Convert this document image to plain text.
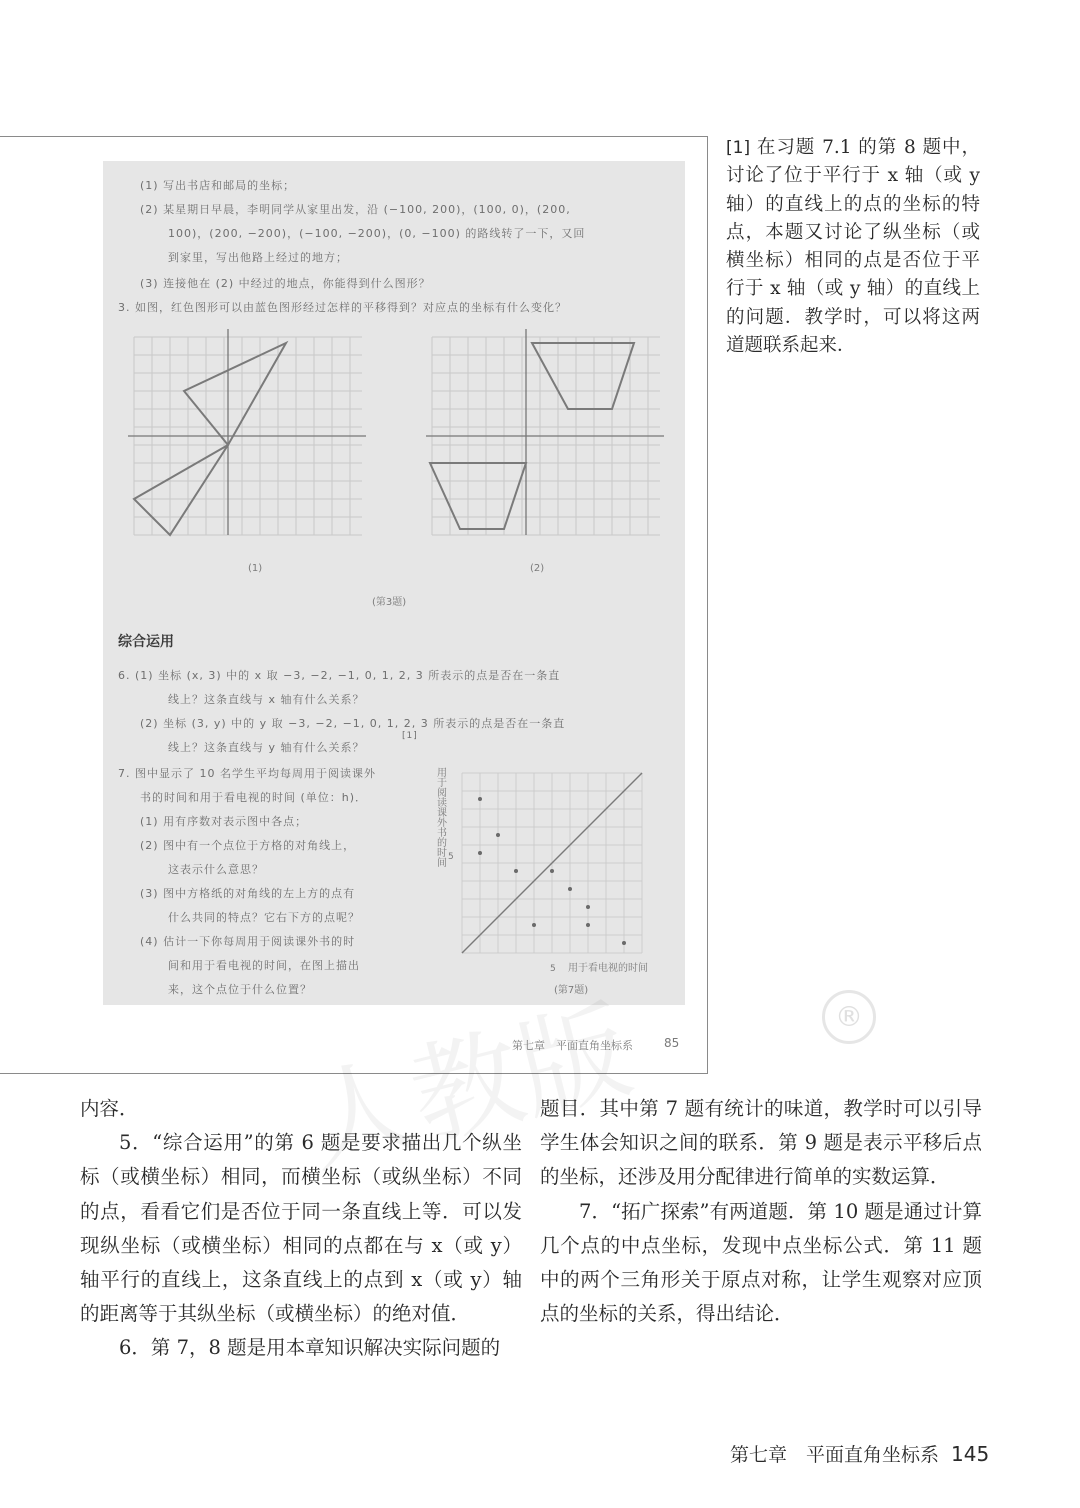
(1) 写出书店和邮局的坐标；
(2) 某星期日早晨，李明同学从家里出发，沿 (−100, 200)，(100, 0)，(200,
100)，(200, −200)，(−100, −200)，(0, −100) 的路线转了一下，又回
到家里，写出他路上经过的地方；
(3) 连接他在 (2) 中经过的地点，你能得到什么图形？
3. 如图，红色图形可以由蓝色图形经过怎样的平移得到？对应点的坐标有什么变化？
(1)	(2)
(第3题)
综合运用
6. (1) 坐标 (x, 3) 中的 x 取 −3, −2, −1, 0, 1, 2, 3 所表示的点是否在一条直
线上？这条直线与 x 轴有什么关系？
(2) 坐标 (3, y) 中的 y 取 −3, −2, −1, 0, 1, 2, 3 所表示的点是否在一条直
线上？这条直线与 y 轴有什么关系？
[1]
7. 图中显示了 10 名学生平均每周用于阅读课外
书的时间和用于看电视的时间 (单位：h)．
(1) 用有序数对表示图中各点；
(2) 图中有一个点位于方格的对角线上，
这表示什么意思？
(3) 图中方格纸的对角线的左上方的点有
什么共同的特点？它右下方的点呢？
(4) 估计一下你每周用于阅读课外书的时
间和用于看电视的时间，在图上描出
来，这个点位于什么位置？
用于阅读课外书的时间 5
5 用于看电视的时间
(第7题)
第七章　平面直角坐标系	85
®
[1] 在习题 7.1 的第 8 题中，讨论了位于平行于 x 轴（或 y 轴）的直线上的点的坐标的特点，本题又讨论了纵坐标（或横坐标）相同的点是否位于平行于 x 轴（或 y 轴）的直线上的问题．教学时，可以将这两道题联系起来．

内容．

5．“综合运用”的第 6 题是要求描出几个纵坐标（或横坐标）相同，而横坐标（或纵坐标）不同的点，看看它们是否位于同一条直线上等．可以发现纵坐标（或横坐标）相同的点都在与 x（或 y）轴平行的直线上，这条直线上的点到 x（或 y）轴的距离等于其纵坐标（或横坐标）的绝对值．

6．第 7，8 题是用本章知识解决实际问题的

题目．其中第 7 题有统计的味道，教学时可以引导学生体会知识之间的联系．第 9 题是表示平移后点的坐标，还涉及用分配律进行简单的实数运算．

7．“拓广探索”有两道题．第 10 题是通过计算几个点的中点坐标，发现中点坐标公式．第 11 题中的两个三角形关于原点对称，让学生观察对应顶点的坐标的关系，得出结论．

第七章　平面直角坐标系 145
